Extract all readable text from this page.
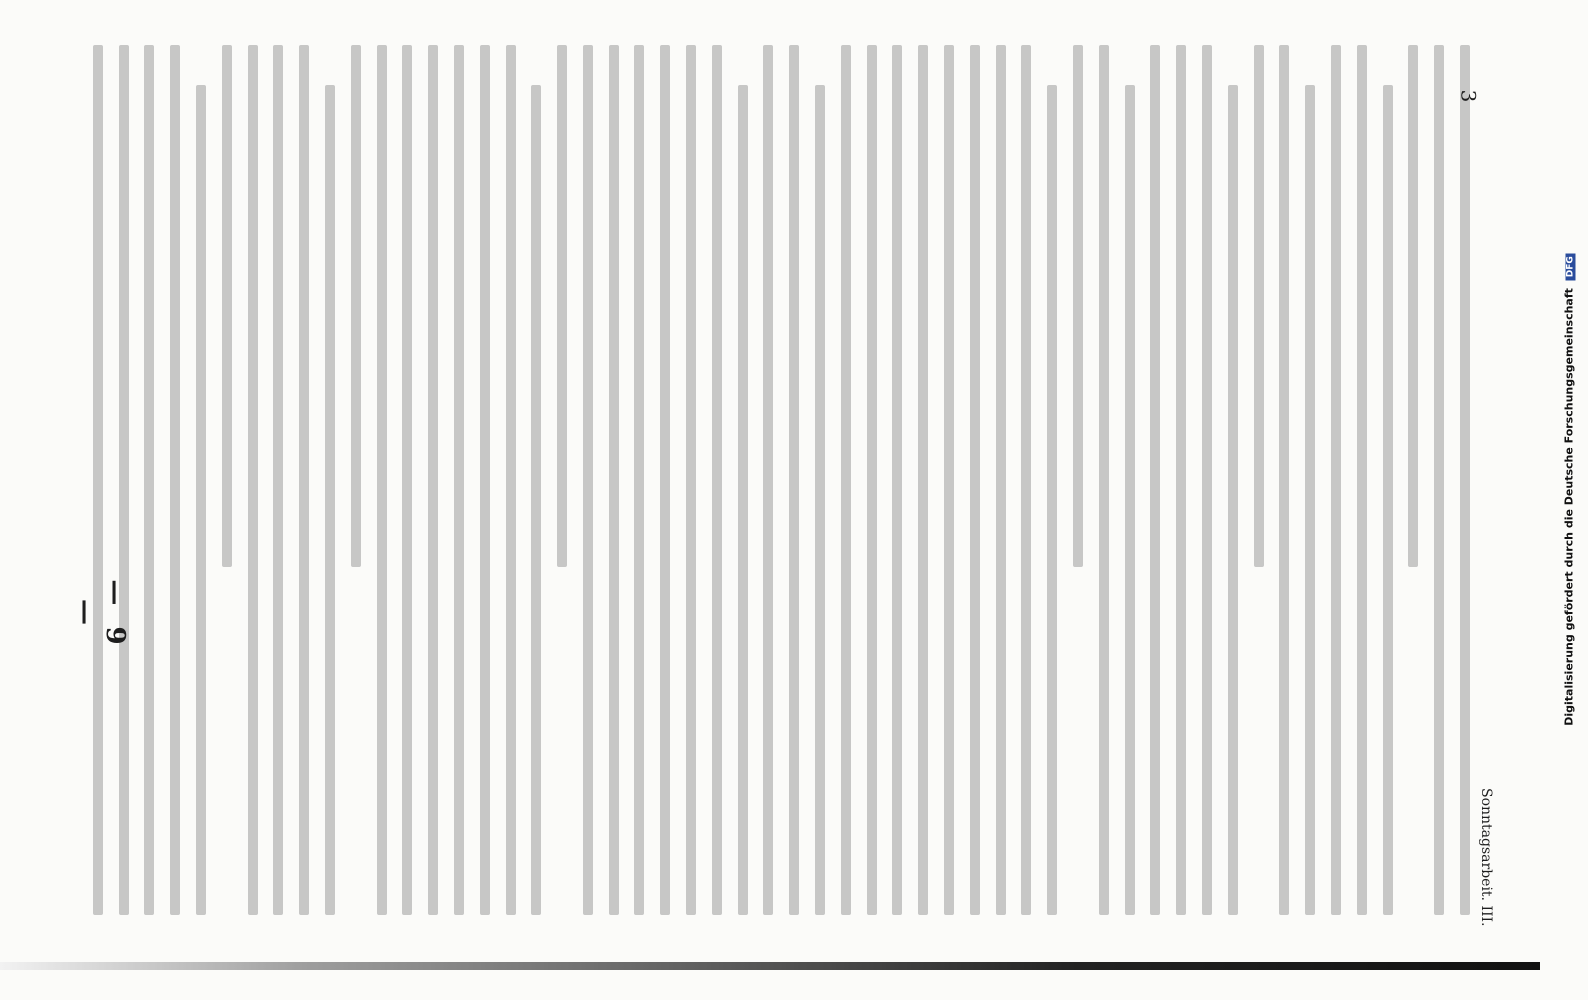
— 9 —
3
Sonntagsarbeit. III.
Digitalisierung gefördert durch die Deutsche Forschungsgemeinschaft DFG
